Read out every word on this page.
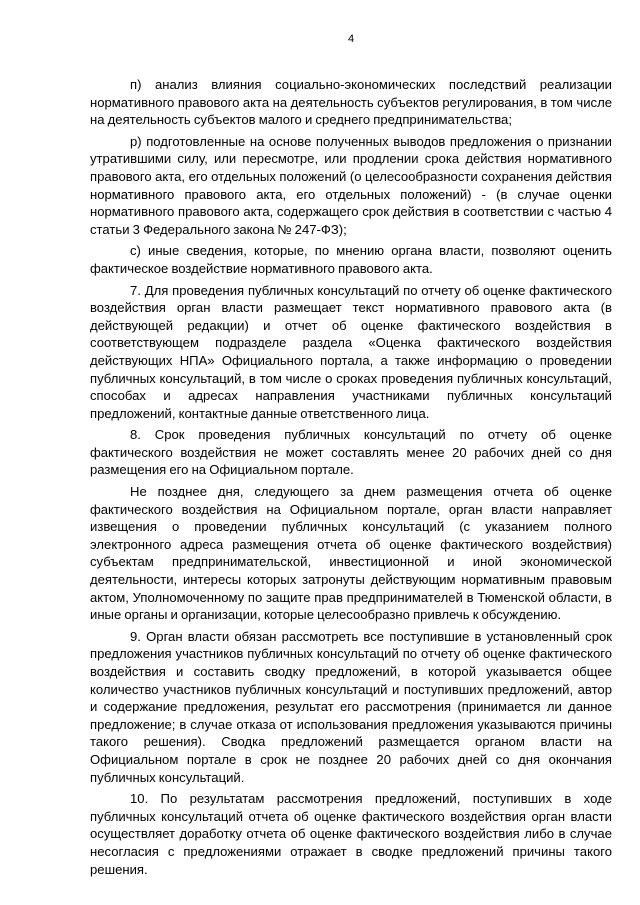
4

п) анализ влияния социально-экономических последствий реализации нормативного правового акта на деятельность субъектов регулирования, в том числе на деятельность субъектов малого и среднего предпринимательства;

р) подготовленные на основе полученных выводов предложения о признании утратившими силу, или пересмотре, или продлении срока действия нормативного правового акта, его отдельных положений (о целесообразности сохранения действия нормативного правового акта, его отдельных положений) - (в случае оценки нормативного правового акта, содержащего срок действия в соответствии с частью 4 статьи 3 Федерального закона № 247-ФЗ);

с) иные сведения, которые, по мнению органа власти, позволяют оценить фактическое воздействие нормативного правового акта.

7. Для проведения публичных консультаций по отчету об оценке фактического воздействия орган власти размещает текст нормативного правового акта (в действующей редакции) и отчет об оценке фактического воздействия в соответствующем подразделе раздела «Оценка фактического воздействия действующих НПА» Официального портала, а также информацию о проведении публичных консультаций, в том числе о сроках проведения публичных консультаций, способах и адресах направления участниками публичных консультаций предложений, контактные данные ответственного лица.

8. Срок проведения публичных консультаций по отчету об оценке фактического воздействия не может составлять менее 20 рабочих дней со дня размещения его на Официальном портале.

Не позднее дня, следующего за днем размещения отчета об оценке фактического воздействия на Официальном портале, орган власти направляет извещения о проведении публичных консультаций (с указанием полного электронного адреса размещения отчета об оценке фактического воздействия) субъектам предпринимательской, инвестиционной и иной экономической деятельности, интересы которых затронуты действующим нормативным правовым актом, Уполномоченному по защите прав предпринимателей в Тюменской области, в иные органы и организации, которые целесообразно привлечь к обсуждению.

9. Орган власти обязан рассмотреть все поступившие в установленный срок предложения участников публичных консультаций по отчету об оценке фактического воздействия и составить сводку предложений, в которой указывается общее количество участников публичных консультаций и поступивших предложений, автор и содержание предложения, результат его рассмотрения (принимается ли данное предложение; в случае отказа от использования предложения указываются причины такого решения). Сводка предложений размещается органом власти на Официальном портале в срок не позднее 20 рабочих дней со дня окончания публичных консультаций.

10. По результатам рассмотрения предложений, поступивших в ходе публичных консультаций отчета об оценке фактического воздействия орган власти осуществляет доработку отчета об оценке фактического воздействия либо в случае несогласия с предложениями отражает в сводке предложений причины такого решения.
